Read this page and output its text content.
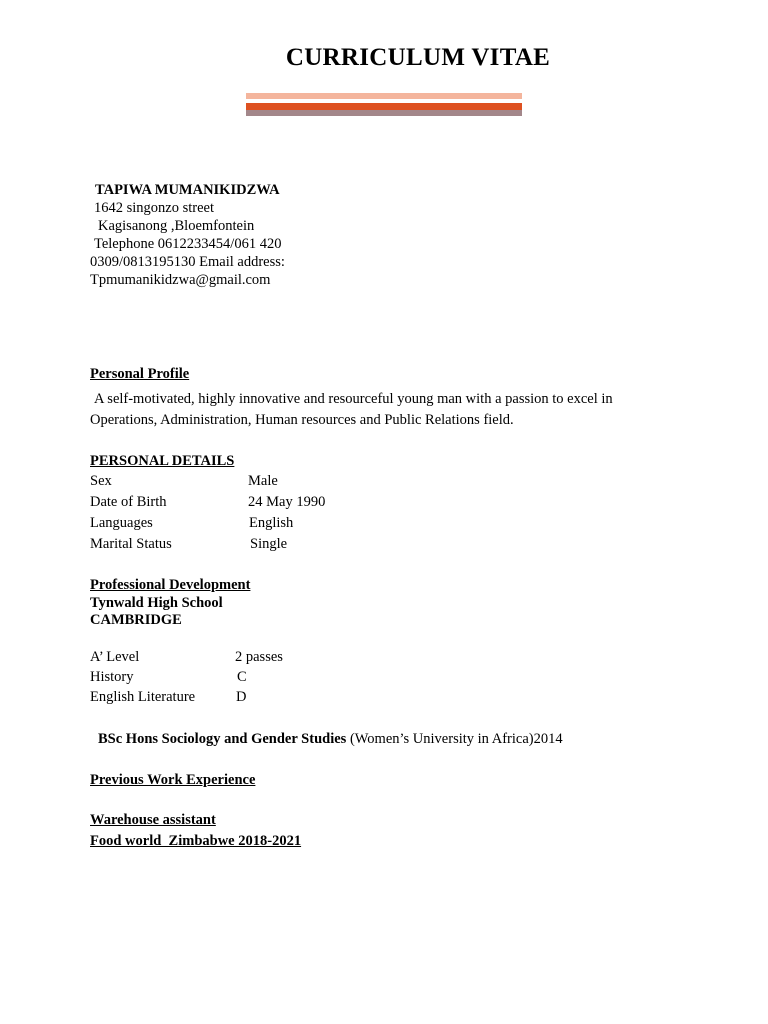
CURRICULUM VITAE
TAPIWA MUMANIKIDZWA
1642 singonzo street
Kagisanong ,Bloemfontein
Telephone 0612233454/061 420
0309/0813195130 Email address:
Tpmumanikidzwa@gmail.com
Personal Profile
A self-motivated, highly innovative and resourceful young man with a passion to excel in
Operations, Administration, Human resources and Public Relations field.
PERSONAL DETAILS
Sex	Male
Date of Birth	24 May 1990
Languages	English
Marital Status	Single
Professional Development
Tynwald High School
CAMBRIDGE
A’ Level	2 passes
History	C
English Literature	D
BSc Hons Sociology and Gender Studies (Women’s University in Africa)2014
Previous Work Experience
Warehouse assistant
Food world  Zimbabwe 2018-2021
